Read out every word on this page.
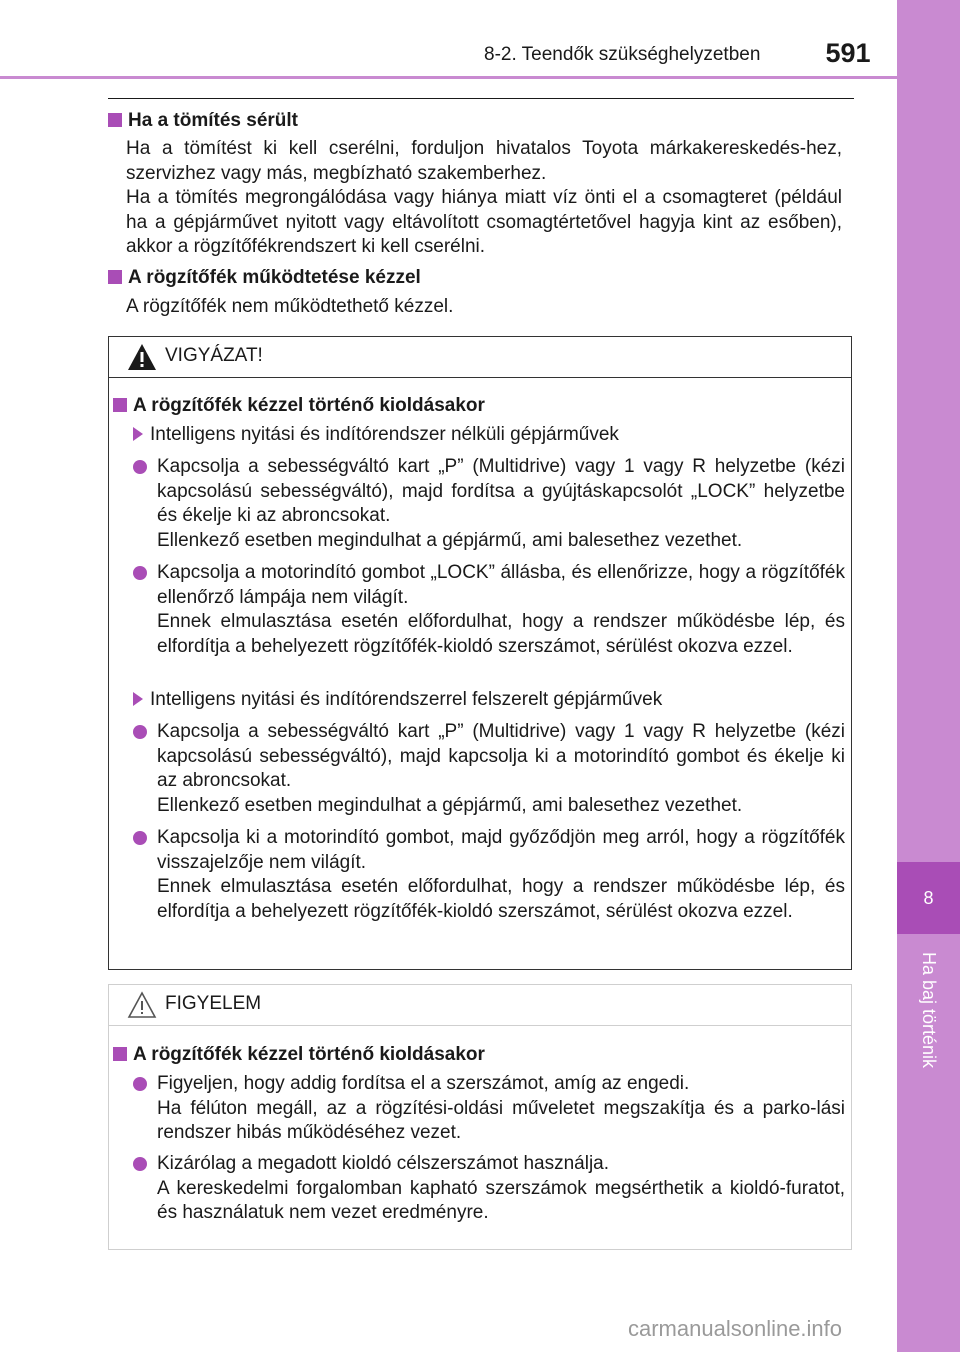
8-2. Teendők szükséghelyzetben	591
8
Ha baj történik
Ha a tömítés sérült

Ha a tömítést ki kell cserélni, forduljon hivatalos Toyota márkakereskedés-hez, szervizhez vagy más, megbízható szakemberhez.

Ha a tömítés megrongálódása vagy hiánya miatt víz önti el a csomagteret (például ha a gépjárművet nyitott vagy eltávolított csomagtértetővel hagyja kint az esőben), akkor a rögzítőfékrendszert ki kell cserélni.

A rögzítőfék működtetése kézzel

A rögzítőfék nem működtethető kézzel.

VIGYÁZAT!
A rögzítőfék kézzel történő kioldásakor
Intelligens nyitási és indítórendszer nélküli gépjárművek

Kapcsolja a sebességváltó kart „P” (Multidrive) vagy 1 vagy R helyzetbe (kézi kapcsolású sebességváltó), majd fordítsa a gyújtáskapcsolót „LOCK” helyzetbe és ékelje ki az abroncsokat.

Ellenkező esetben megindulhat a gépjármű, ami balesethez vezethet.

Kapcsolja a motorindító gombot „LOCK” állásba, és ellenőrizze, hogy a rögzítőfék ellenőrző lámpája nem világít.

Ennek elmulasztása esetén előfordulhat, hogy a rendszer működésbe lép, és elfordítja a behelyezett rögzítőfék-kioldó szerszámot, sérülést okozva ezzel.

Intelligens nyitási és indítórendszerrel felszerelt gépjárművek

Kapcsolja a sebességváltó kart „P” (Multidrive) vagy 1 vagy R helyzetbe (kézi kapcsolású sebességváltó), majd kapcsolja ki a motorindító gombot és ékelje ki az abroncsokat.

Ellenkező esetben megindulhat a gépjármű, ami balesethez vezethet.

Kapcsolja ki a motorindító gombot, majd győződjön meg arról, hogy a rögzítőfék visszajelzője nem világít.

Ennek elmulasztása esetén előfordulhat, hogy a rendszer működésbe lép, és elfordítja a behelyezett rögzítőfék-kioldó szerszámot, sérülést okozva ezzel.

FIGYELEM
A rögzítőfék kézzel történő kioldásakor

Figyeljen, hogy addig fordítsa el a szerszámot, amíg az engedi.

Ha félúton megáll, az a rögzítési-oldási műveletet megszakítja és a parko-lási rendszer hibás működéséhez vezet.

Kizárólag a megadott kioldó célszerszámot használja.

A kereskedelmi forgalomban kapható szerszámok megsérthetik a kioldó-furatot, és használatuk nem vezet eredményre.

carmanualsonline.info
